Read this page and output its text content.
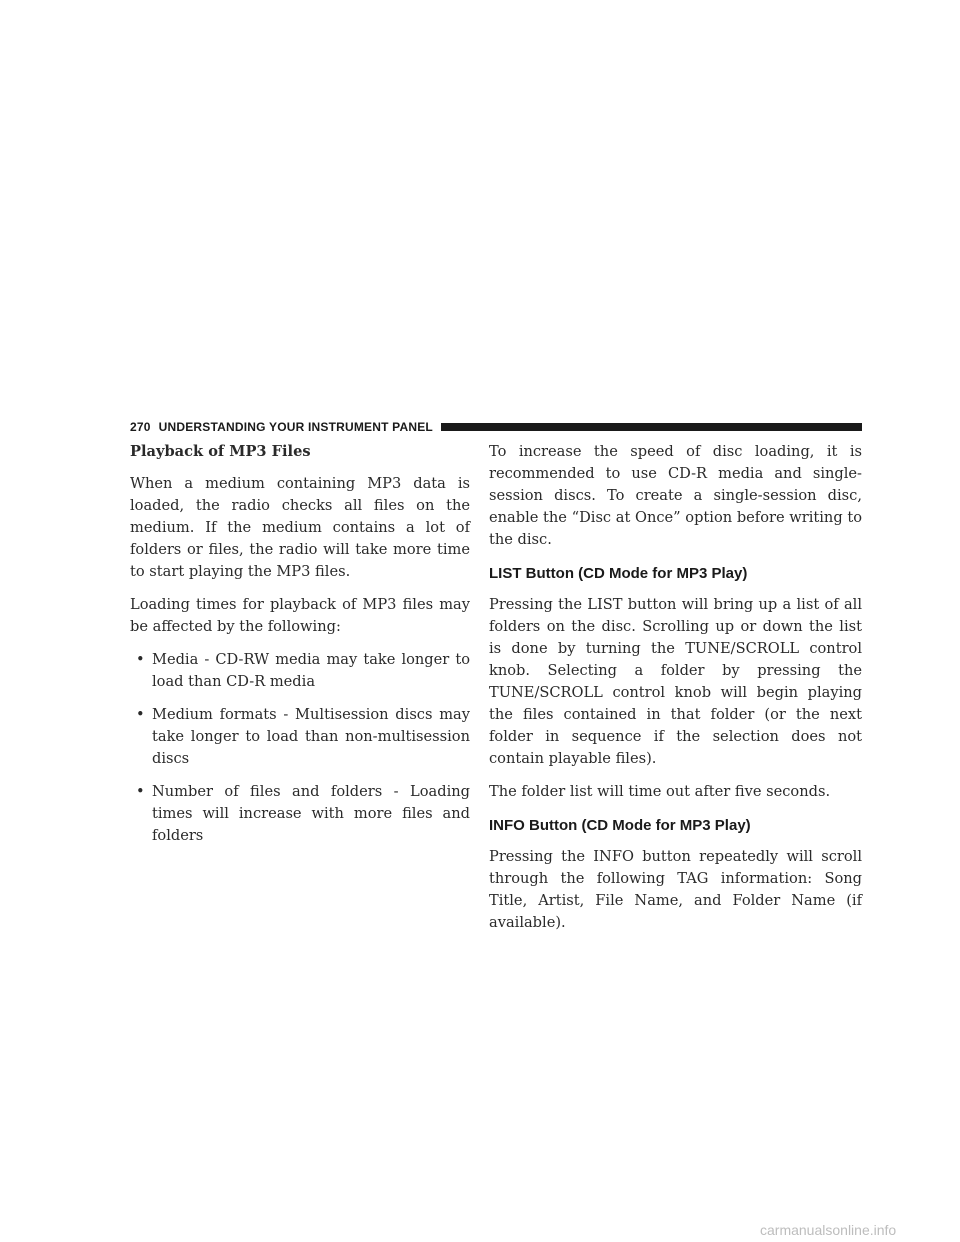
270 UNDERSTANDING YOUR INSTRUMENT PANEL
Playback of MP3 Files

When a medium containing MP3 data is loaded, the radio checks all files on the medium. If the medium contains a lot of folders or files, the radio will take more time to start playing the MP3 files.

Loading times for playback of MP3 files may be affected by the following:

• Media - CD-RW media may take longer to load than CD-R media
• Medium formats - Multisession discs may take longer to load than non-multisession discs
• Number of files and folders - Loading times will increase with more files and folders

To increase the speed of disc loading, it is recommended to use CD-R media and single-session discs. To create a single-session disc, enable the “Disc at Once” option before writing to the disc.

LIST Button (CD Mode for MP3 Play)

Pressing the LIST button will bring up a list of all folders on the disc. Scrolling up or down the list is done by turning the TUNE/SCROLL control knob. Selecting a folder by pressing the TUNE/SCROLL control knob will begin playing the files contained in that folder (or the next folder in sequence if the selection does not contain playable files).

The folder list will time out after five seconds.

INFO Button (CD Mode for MP3 Play)

Pressing the INFO button repeatedly will scroll through the following TAG information: Song Title, Artist, File Name, and Folder Name (if available).

carmanualsonline.info
